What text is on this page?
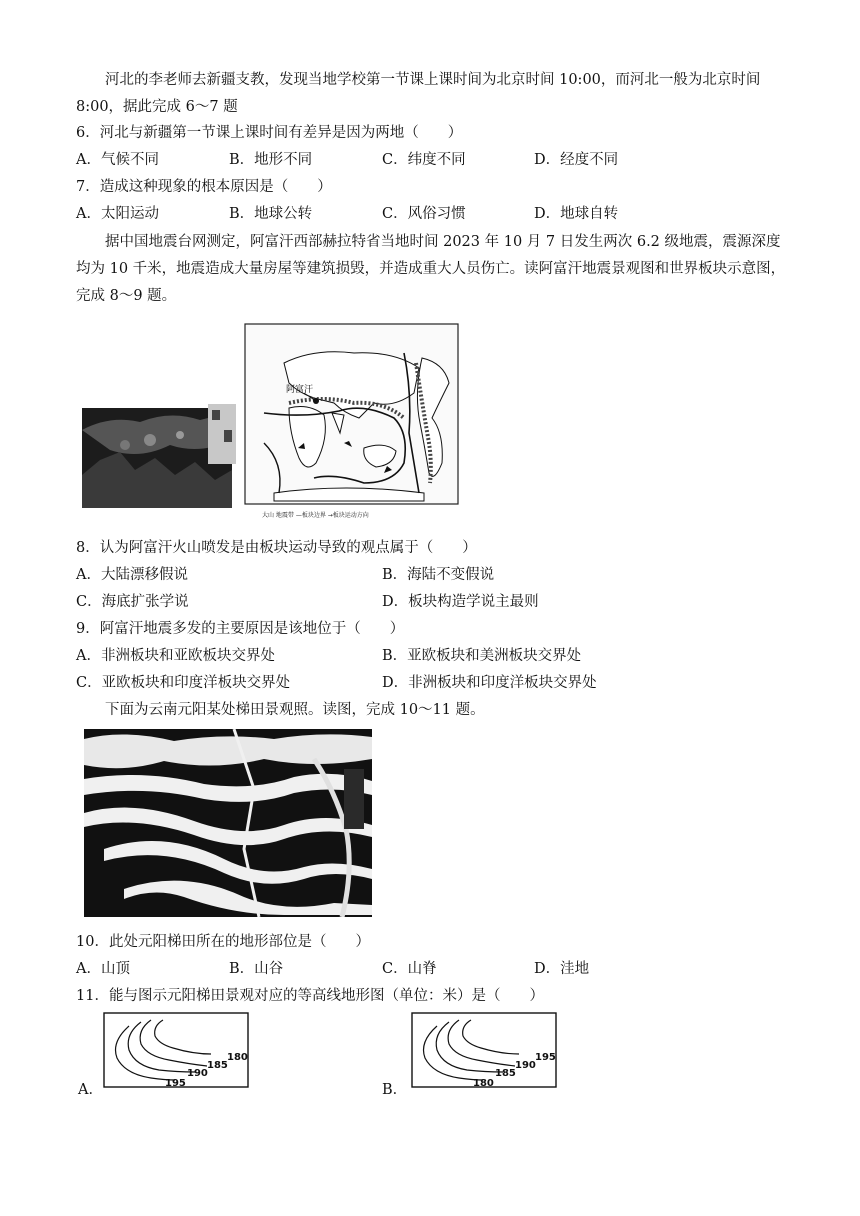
河北的李老师去新疆支教，发现当地学校第一节课上课时间为北京时间 10:00，而河北一般为北京时间 8:00，据此完成 6～7 题
6．河北与新疆第一节课上课时间有差异是因为两地（　　）
A．气候不同	B．地形不同	C．纬度不同	D．经度不同
7．造成这种现象的根本原因是（　　）
A．太阳运动	B．地球公转	C．风俗习惯	D．地球自转
据中国地震台网测定，阿富汗西部赫拉特省当地时间 2023 年 10 月 7 日发生两次 6.2 级地震，震源深度均为 10 千米，地震造成大量房屋等建筑损毁，并造成重大人员伤亡。读阿富汗地震景观图和世界板块示意图，完成 8～9 题。
阿富汗
大山 地震带 —板块边界 →板块运动方向
8．认为阿富汗火山喷发是由板块运动导致的观点属于（　　）
A．大陆漂移假说	B．海陆不变假说
C．海底扩张学说	D．板块构造学说主最则
9．阿富汗地震多发的主要原因是该地位于（　　）
A．非洲板块和亚欧板块交界处	B．亚欧板块和美洲板块交界处
C．亚欧板块和印度洋板块交界处	D．非洲板块和印度洋板块交界处
下面为云南元阳某处梯田景观照。读图，完成 10～11 题。
10．此处元阳梯田所在的地形部位是（　　）
A．山顶	B．山谷	C．山脊	D．洼地
11．能与图示元阳梯田景观对应的等高线地形图（单位：米）是（　　）
A．	195
190
185
180
B．	180
185
190
195
